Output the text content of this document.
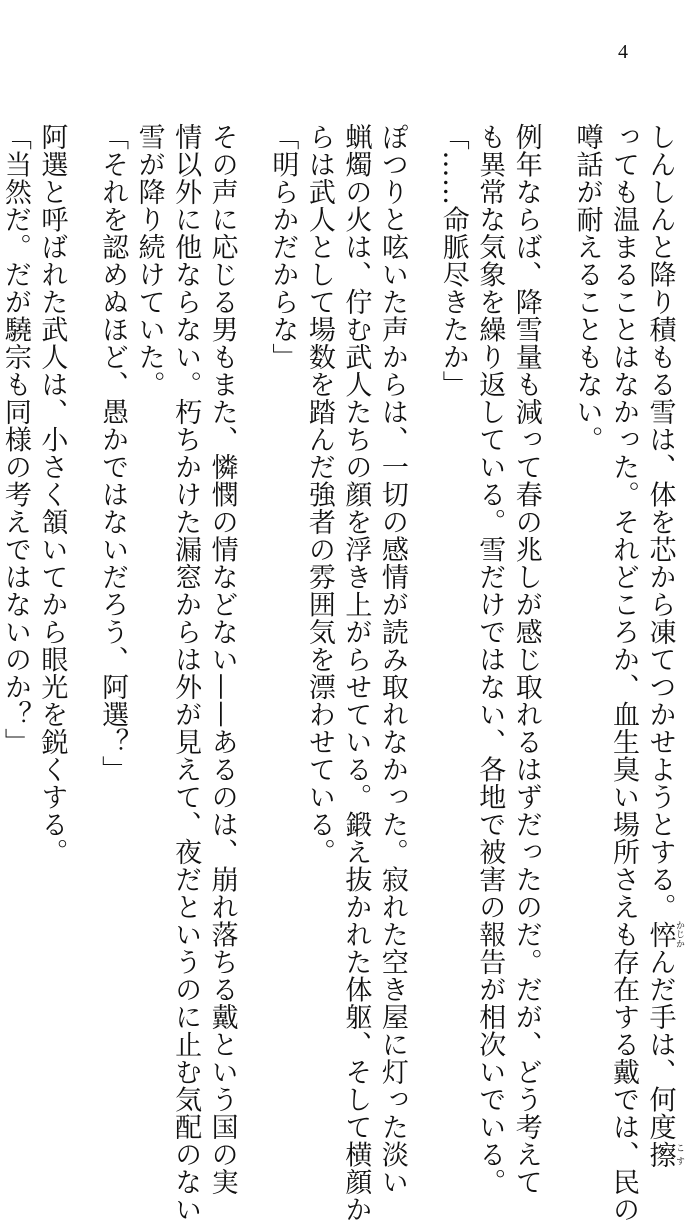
4
しんしんと降り積もる雪は、体を芯から凍てつかせようとする。悴かじかんだ手は、何度擦こす
っても温まることはなかった。それどころか、血生臭い場所さえも存在する戴では、民の
噂話が耐えることもない。
例年ならば、降雪量も減って春の兆しが感じ取れるはずだったのだ。だが、どう考えて
も異常な気象を繰り返している。雪だけではない、各地で被害の報告が相次いでいる。
「……命脈尽きたか」
ぽつりと呟いた声からは、一切の感情が読み取れなかった。寂れた空き屋に灯った淡い
蝋燭の火は、佇む武人たちの顔を浮き上がらせている。鍛え抜かれた体躯、そして横顔か
らは武人として場数を踏んだ強者の雰囲気を漂わせている。
「明らかだからな」
その声に応じる男もまた、憐憫の情などない——あるのは、崩れ落ちる戴という国の実
情以外に他ならない。朽ちかけた漏窓からは外が見えて、夜だというのに止む気配のない
雪が降り続けていた。
「それを認めぬほど、愚かではないだろう、阿選？」
阿選と呼ばれた武人は、小さく頷いてから眼光を鋭くする。
「当然だ。だが驍宗も同様の考えではないのか？」
